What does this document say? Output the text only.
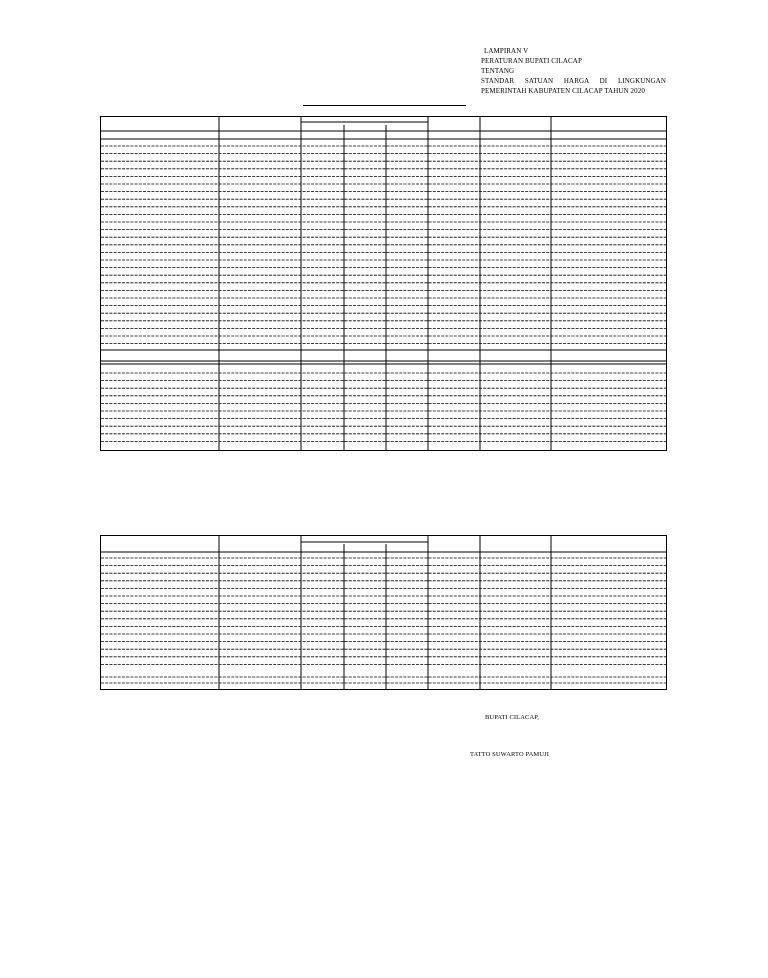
LAMPIRAN V
PERATURAN BUPATI CILACAP
TENTANG
STANDAR SATUAN HARGA DI LINGKUNGAN
PEMERINTAH KABUPATEN CILACAP TAHUN 2020
BUPATI CILACAP,
TATTO SUWARTO PAMUJI
